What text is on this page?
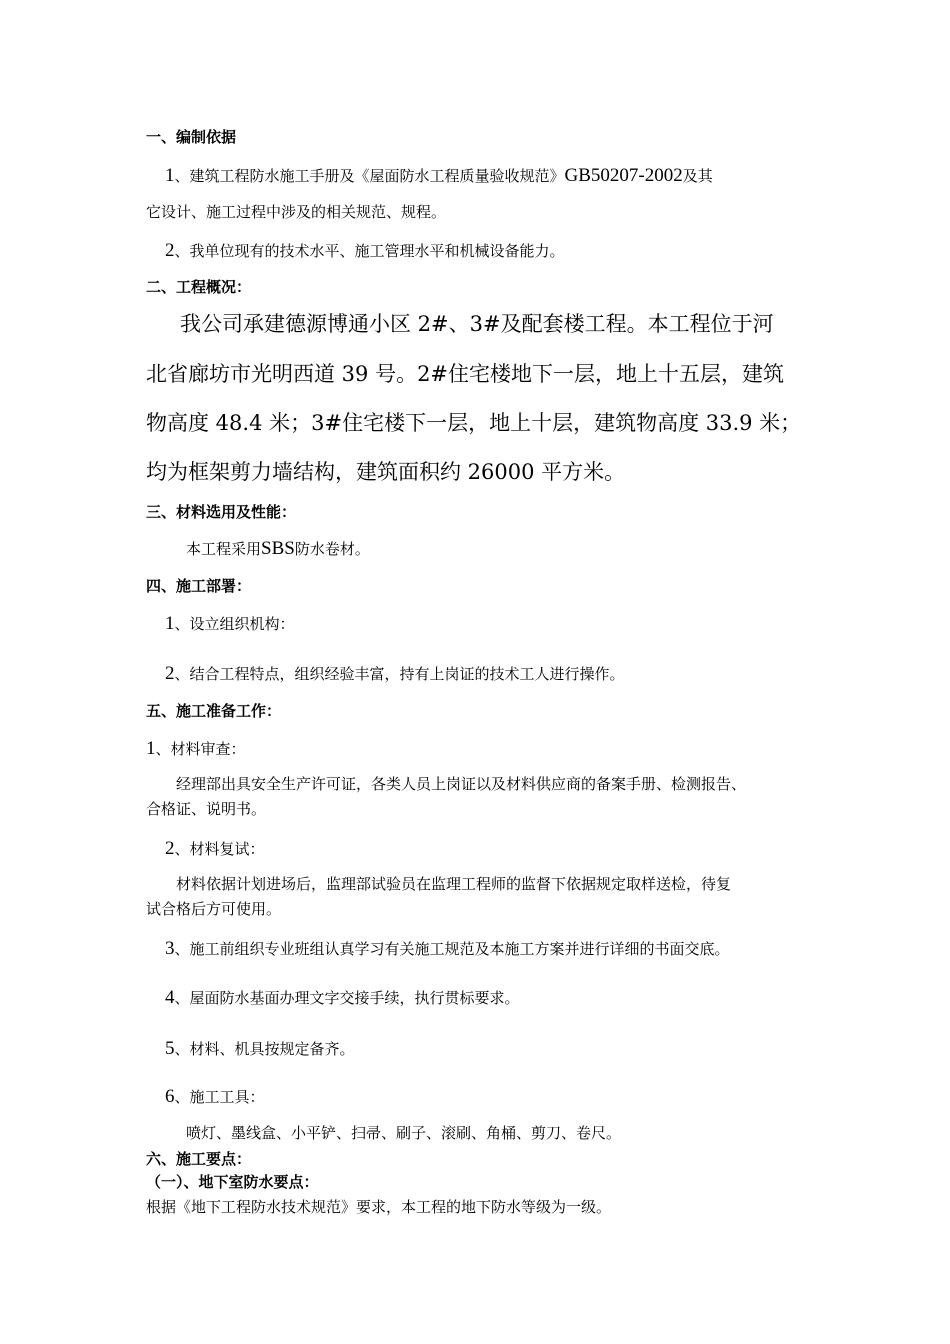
一、编制依据
1、建筑工程防水施工手册及《屋面防水工程质量验收规范》GB50207-2002及其
它设计、施工过程中涉及的相关规范、规程。
2、我单位现有的技术水平、施工管理水平和机械设备能力。
二、工程概况：
我公司承建德源博通小区 2#、3#及配套楼工程。本工程位于河
北省廊坊市光明西道 39 号。2#住宅楼地下一层，地上十五层，建筑
物高度 48.4 米；3#住宅楼下一层，地上十层，建筑物高度 33.9 米；
均为框架剪力墙结构，建筑面积约 26000 平方米。
三、材料选用及性能：
本工程采用SBS防水卷材。
四、施工部署：
1、设立组织机构：
2、结合工程特点，组织经验丰富，持有上岗证的技术工人进行操作。
五、施工准备工作：
1、材料审查：
经理部出具安全生产许可证，各类人员上岗证以及材料供应商的备案手册、检测报告、
合格证、说明书。
2、材料复试：
材料依据计划进场后，监理部试验员在监理工程师的监督下依据规定取样送检，待复
试合格后方可使用。
3、施工前组织专业班组认真学习有关施工规范及本施工方案并进行详细的书面交底。
4、屋面防水基面办理文字交接手续，执行贯标要求。
5、材料、机具按规定备齐。
6、施工工具：
喷灯、墨线盒、小平铲、扫帚、刷子、滚刷、角桶、剪刀、卷尺。
六、施工要点：
（一）、地下室防水要点：
根据《地下工程防水技术规范》要求，本工程的地下防水等级为一级。
